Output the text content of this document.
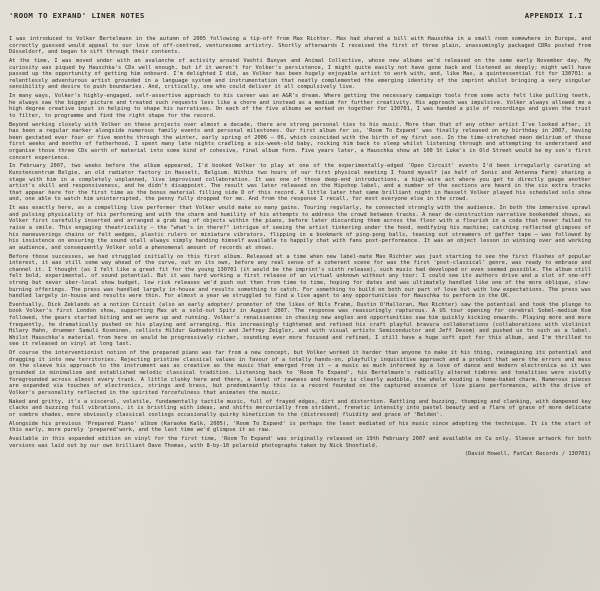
'ROOM TO EXPAND' LINER NOTES	APPENDIX I.I

I was introduced to Volker Bertelmann in the autumn of 2005 following a tip-off from Max Richter. Max had shared a bill with Hauschka in a small room somewhere in Europe, and correctly guessed would appeal to our love of off-centred, venturesome artistry. Shortly afterwards I received the first of three plain, unassumingly packaged CDRs posted from Düsseldorf, and began to sift through their contents.

At the time, I was moved under with an avalanche of activity around Vashti Bunyan and Animal Collective, whose new albums we'd released on the same early November day. My curiosity was piqued by Hauschka's CDs well enough, but if it weren't for Volker's persistence, I might quite easily not have gone back and listened as deeply; might well have passed up the opportunity of getting him onboard. I'm delighted I did, as Volker has been hugely enjoyable artist to work with, and, like Max, a quintessential fit for 130701: a relentlessly adventurous artist grounded in a language system and instrumentation that neatly complemented the emerging identity of the imprint whilst bringing a very singular sensibility and desire to push boundaries. And, critically, one who could deliver it all compulsively live.

In many ways, Volker's highly-engaged, self-assertive approach to his career was an A&R's dream. Where getting the necessary campaign tools from some acts felt like pulling teeth, he always saw the bigger picture and treated such requests less like a chore and instead as a medium for further creativity. His approach was impulsive. Volker always allowed me a high degree creative input in helping to shape his narratives. On each of the five albums we worked on together for 130701, I was handed a pile of recordings and given the trust to filter, to programme and find the right shape for the record.

Beyond working closely with Volker on these projects over almost a decade, there are strong personal ties to his music. More than that of any other artist I've looked after, it has been a regular marker alongside numerous family events and personal milestones. Our first album for us, 'Room To Expand' was finally released on my birthday in 2007, having been gestated ever four or five months through the winter, early spring of 2006 – 06, which coincided with the birth of my first son. In the time-stretched neon delirium of those first weeks and months of fatherhood, I spent many late nights cradling a six-week-old baby, rocking him back to sleep whilst listening through and attempting to understand and organise those three CDs worth of material into some kind of cohesive, final album form. Five years later, a Hauschka show at 100 St Luke's in Old Street would be my son's first concert experience.

In February 2007, two weeks before the album appeared, I'd booked Volker to play at one of the experimentally-edged 'Open Circuit' events I'd been irregularly curating at Kunstencentrum Belgie, an old radiator factory in Hasselt, Belgium. Within two hours of our first physical meeting I found myself (as half of Sonic and Antenna Farm) sharing a stage with him in a completely unplanned, live improvised collaboration. It was one of those deep-end introductions, a high-wire act where you get to directly gauge another artist's skill and responsiveness, and he didn't disappoint. The result was later released on the Hipshop label, and a number of the sections are heard in the six extra tracks that appear here for the first time as the bonus material filling side D of this record. A little later that same brilliant night in Hasselt Volker played his scheduled solo show and, one able to watch him uninterrupted, the penny fully dropped for me. And from the response I recall, for most everyone else in the crowd.

It was exactly here, as a compelling live performer that Volker would make so many gains. Touring regularly, he connected strongly with the audience. In both the immersive sprawl and pulsing physicality of his performing and with the charm and humility of his attempts to address the crowd between tracks. A near de-construction narrative bookended shows, as Volker first carefully inserted and arranged a grab bag of objects within the piano, before later discarding them across the floor with a flourish in a coda that never failed to raise a smile. This engaging theatricality – the "what's in there?" intrigue of seeing the artist tinkering under the hood, modifying his machine; catching reflected glimpses of his maneuverings chains or felt wedges, plastic rulers or miniature vibrators, flipping in a bookmark of ping-pong balls, teasing out streamers of gaffer tape – was followed by his insistence on ensuring the sound stall always simply handing himself available to happily chat with fans post-performance. It was an object lesson in winning over and working an audience, and consequently Volker sold a phenomenal amount of records at shows.

Before those successes, we had struggled initially on this first album. Released at a time when new label-mate Max Richter was just starting to see the first flushes of popular interest, it was still some way ahead of the curve, out on its own, before any real sense of a coherent scene for was the first 'post-classical' genre, was ready to embrace and channel it. I thought (as I felt like a great fit for the young 130701 (it would be the imprint's sixth release), such music had developed or even seemed possible. The album still felt bold, experimental, of sound potential. But it was hard working a first release of an virtual unknown without any tour: I could see its authors drive and a slot of one-off strong but never uber-local show budget, low risk releases we'd push out then from time to time, hoping for dates and was ultimately handled like one of the more oblique, slow-burning offerings. The press was handled largely in-house and results something to catch. For something to build on both our part of love but with low expectations. The press was handled largely in-house and results were thin. For almost a year we struggled to find a live agent to any opportunities for Hauschka to perform in the UK.

Eventually, Dick Zeklands at a notion Circuit (also an early adopter/ promoter of the likes of Nils Frahm, Dustin O'Halloran, Max Richter) saw the potential and took the plunge to book Volker's first London show, supporting Max at a sold-out Spitz in August 2007. The response was reassuringly rapturous. A US tour opening for cerebral Sobel-medium Kom followed, the gears started biting and we were up and running. Volker's renaissances in chasing new angles and opportunities saw him quickly kicking onwards. Playing more and more frequently, he dramatically pushed on his playing and arranging. His increasingly tightened and refined his craft playful bravura collaborations (collaborations with violinist Hilary Hahn, drummer Samuli Kosminen, cellists Hildur Gudnadottir and Jeffrey Zeigler, and with visual artists Semiconductor and Jeff Desom) and pushed us to such as a label. Whilst Hauschka's material from here on would be progressively richer, sounding ever more focused and refined, I still have a huge soft spot for this album, and I'm thrilled to see it released on vinyl at long last.

Of course the interventionist notion of the prepared piano was far from a new concept, but Volker worked it harder than anyone to make it his thing, reimagining its potential and dragging it into new territories. Rejecting pristine classical values in favour of a totally hands-on, playfully inquisitive approach and a product that were the errors and mess on the sleeve his approach to the instrument was as creative as the music that emerged from it – a music as much informed by a love of dance and modern electronica as it was grounded in minimalism and established melodic classical tradition. Listening back to 'Room To Expand', his Bertelmann's radically altered timbres and tonalities were vividly foregrounded across almost every track. A little clunky here and there, a level of rawness and honesty is clearly audible, the whole exuding a home-baked charm. Numerous pieces are expanded via touches of electronics, strings and brass, but predominantly this is a record founded on the captured essence of live piano performance, with the drive of Volker's personality reflected in the spirited forcefulness that animates the music.

Naked and gritty, it's a visceral, volatile, fundamentally tactile music, full of frayed edges, dirt and distortion. Rattling and buzzing, thumping and clanking, with dampened key clacks and buzzing foil vibrations, it is bristling with ideas, and shifts mercurially from strident, frenetic intensity into pastel beauty and a flare of grace of more delicate or sombre shades, more obviously classical coolings occasionally quirky kineticism to the (distressed) fluidity and grace of 'Belden'.

Alongside his previous 'Prepared Piano' album (Karaoke Kalk, 2005), 'Room To Expand' is perhaps the least mediated of his music since adopting the technique. It is the start of this early, more purely 'prepared'work, and the last time we'd glimpse it as raw.

Available in this expanded edition on vinyl for the first time, 'Room To Expand' was originally released on 19th February 2007 and available on Cu only. Sleeve artwork for both versions was laid out by our own brilliant Dave Thomas, with 8-by-10 polaroid photographs taken by Nick Shonfield.

(David Howell, FatCat Records / 130701)
